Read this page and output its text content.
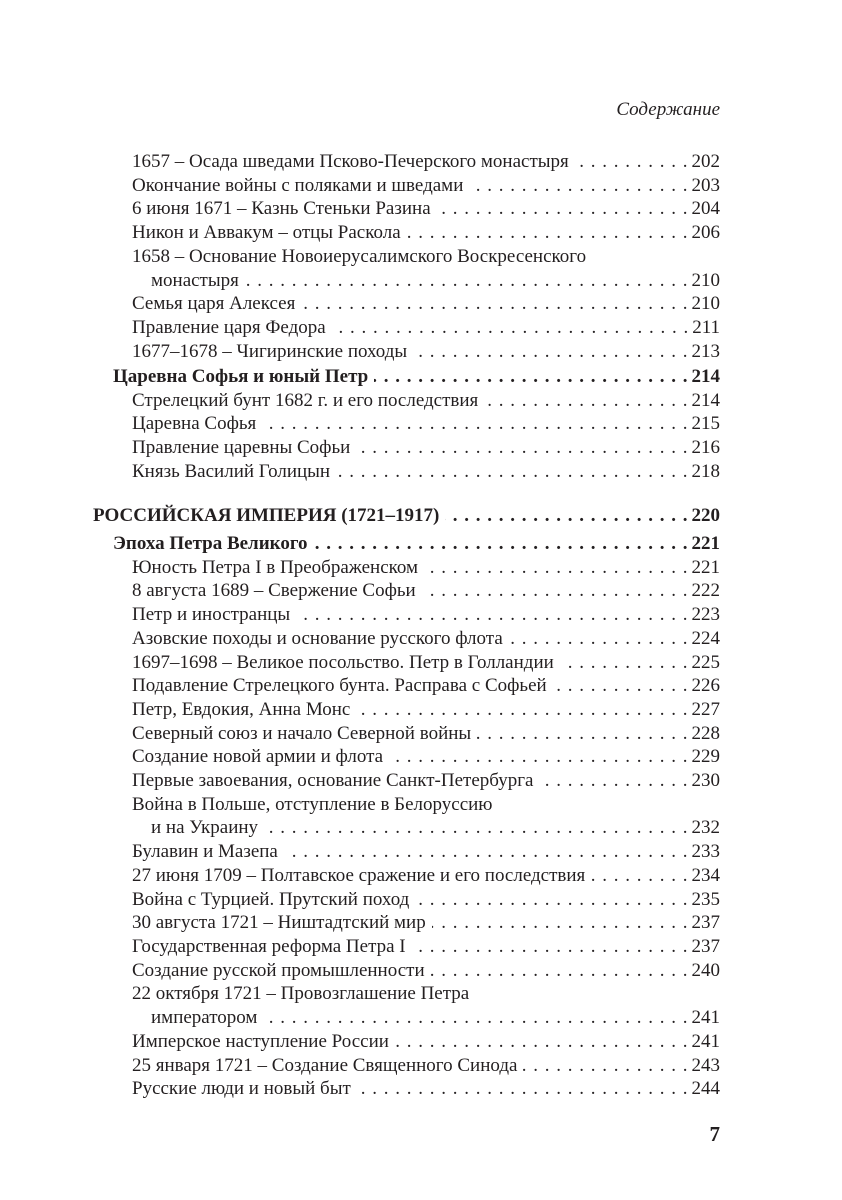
Содержание
1657 – Осада шведами Псково-Печерского монастыря . . .	202
Окончание войны с поляками и шведами . . .	203
6 июня 1671 – Казнь Стеньки Разина . . .	204
Никон и Аввакум – отцы Раскола . . .	206
1658 – Основание Новоиерусалимского Воскресенского
монастыря . . .	210
Семья царя Алексея . . .	210
Правление царя Федора . . .	211
1677–1678 – Чигиринские походы . . .	213
Царевна Софья и юный Петр . . .	214
Стрелецкий бунт 1682 г. и его последствия . . .	214
Царевна Софья . . .	215
Правление царевны Софьи . . .	216
Князь Василий Голицын . . .	218
РОССИЙСКАЯ ИМПЕРИЯ (1721–1917) . . .	220
Эпоха Петра Великого . . .	221
Юность Петра I в Преображенском . . .	221
8 августа 1689 – Свержение Софьи . . .	222
Петр и иностранцы . . .	223
Азовские походы и основание русского флота . . .	224
1697–1698 – Великое посольство. Петр в Голландии . . .	225
Подавление Стрелецкого бунта. Расправа с Софьей . . .	226
Петр, Евдокия, Анна Монс . . .	227
Северный союз и начало Северной войны . . .	228
Создание новой армии и флота . . .	229
Первые завоевания, основание Санкт-Петербурга . . .	230
Война в Польше, отступление в Белоруссию
и на Украину . . .	232
Булавин и Мазепа . . .	233
27 июня 1709 – Полтавское сражение и его последствия . . .	234
Война с Турцией. Прутский поход . . .	235
30 августа 1721 – Ништадтский мир . . .	237
Государственная реформа Петра I . . .	237
Создание русской промышленности . . .	240
22 октября 1721 – Провозглашение Петра
императором . . .	241
Имперское наступление России . . .	241
25 января 1721 – Создание Священного Синода . . .	243
Русские люди и новый быт . . .	244
7
